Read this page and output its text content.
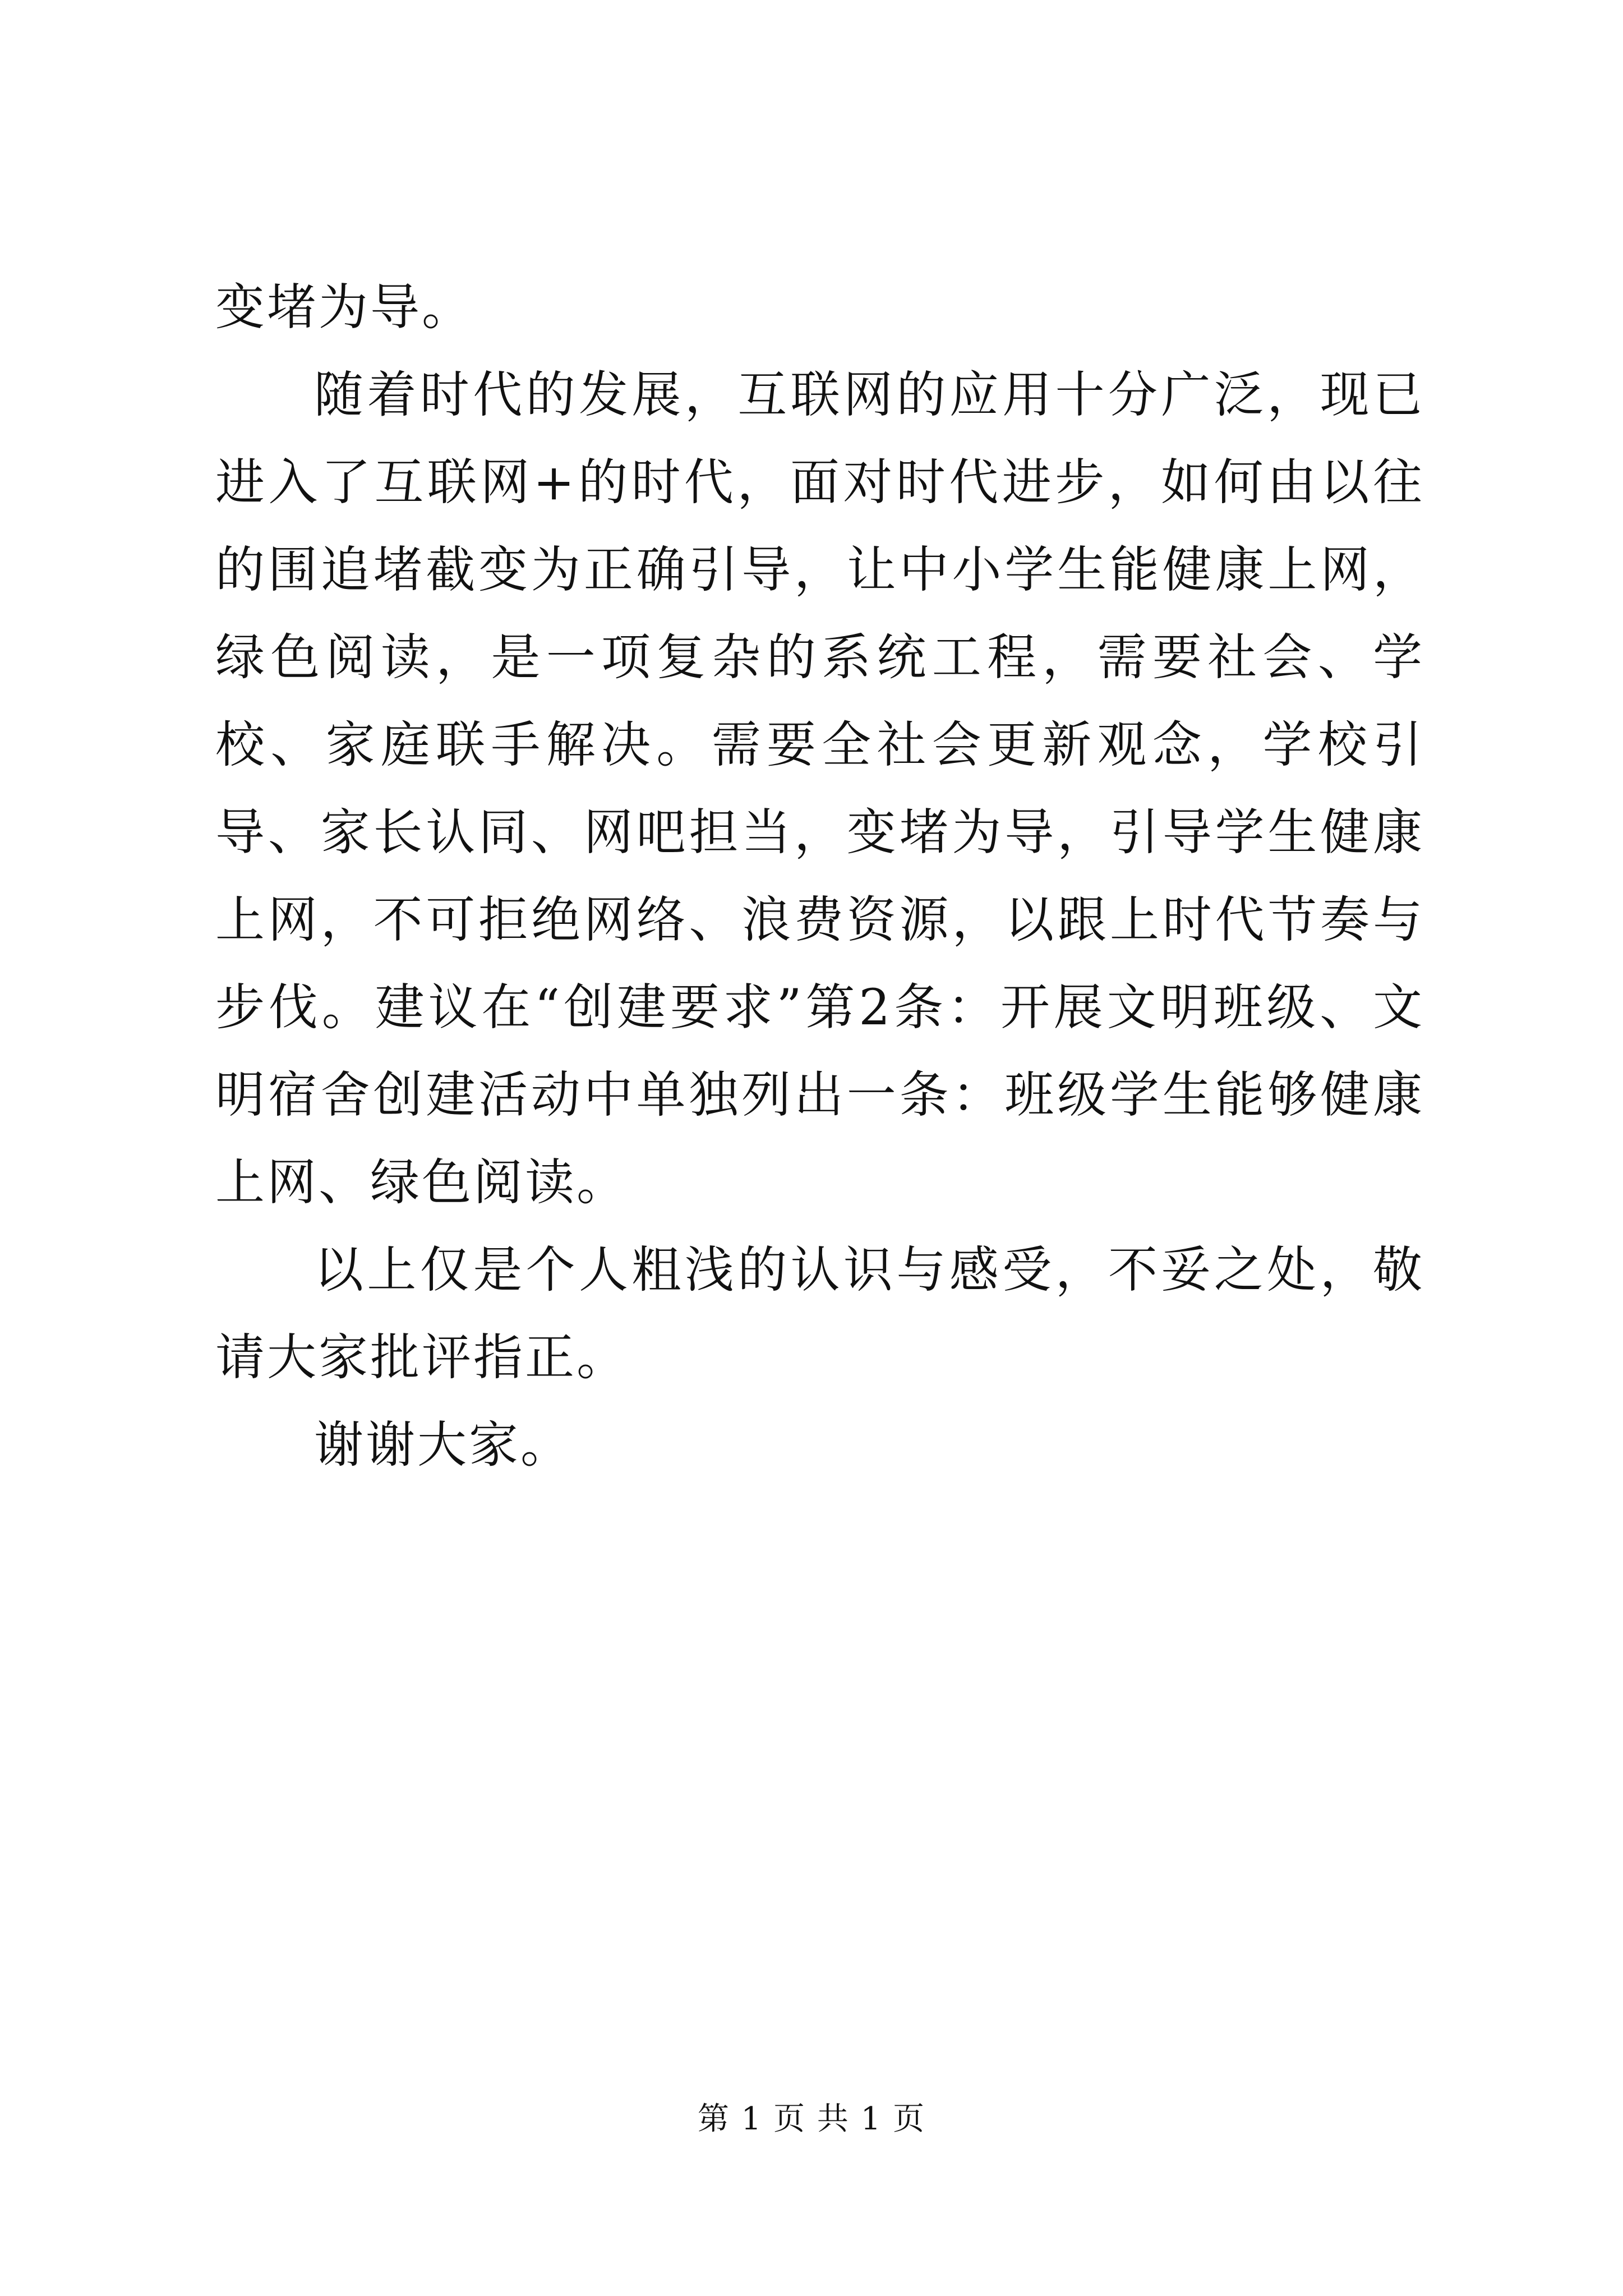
变堵为导。

随着时代的发展，互联网的应用十分广泛，现已进入了互联网+的时代，面对时代进步，如何由以往的围追堵截变为正确引导，让中小学生能健康上网，绿色阅读，是一项复杂的系统工程，需要社会、学校、家庭联手解决。需要全社会更新观念，学校引导、家长认同、网吧担当，变堵为导，引导学生健康上网，不可拒绝网络、浪费资源，以跟上时代节奏与步伐。建议在“创建要求”第2条：开展文明班级、文明宿舍创建活动中单独列出一条：班级学生能够健康上网、绿色阅读。

以上仅是个人粗浅的认识与感受，不妥之处，敬请大家批评指正。

谢谢大家。

第 1 页 共 1 页
